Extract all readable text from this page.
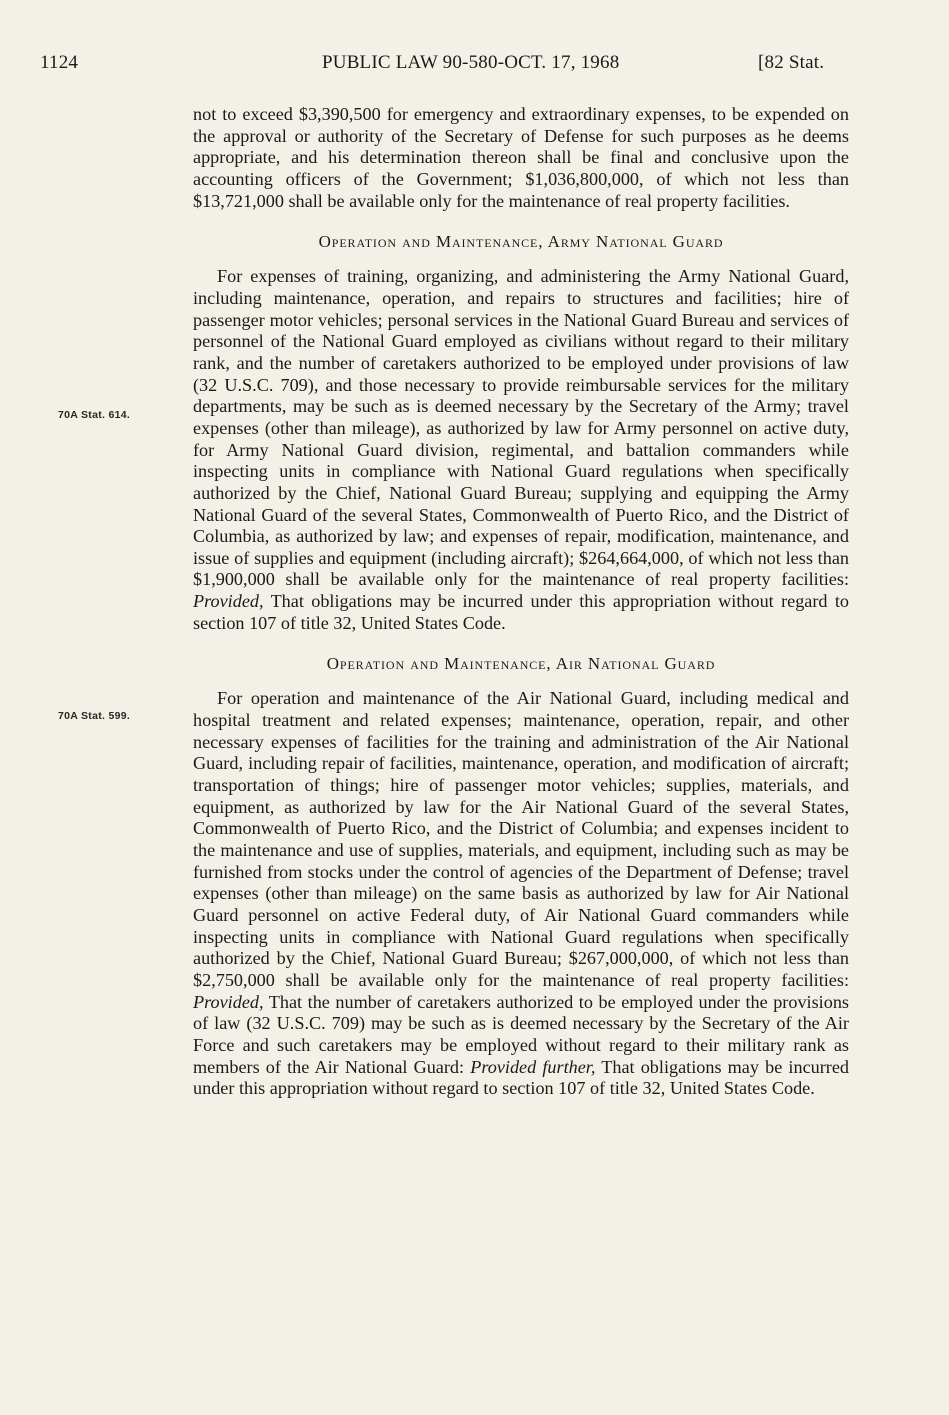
1124	PUBLIC LAW 90-580-OCT. 17, 1968	[82 Stat.
70A Stat. 614.
70A Stat. 599.

not to exceed $3,390,500 for emergency and extraordinary expenses, to be expended on the approval or authority of the Secretary of Defense for such purposes as he deems appropriate, and his determination thereon shall be final and conclusive upon the accounting officers of the Government; $1,036,800,000, of which not less than $13,721,000 shall be available only for the maintenance of real property facilities.

Operation and Maintenance, Army National Guard

For expenses of training, organizing, and administering the Army National Guard, including maintenance, operation, and repairs to structures and facilities; hire of passenger motor vehicles; personal services in the National Guard Bureau and services of personnel of the National Guard employed as civilians without regard to their military rank, and the number of caretakers authorized to be employed under provisions of law (32 U.S.C. 709), and those necessary to provide reimbursable services for the military departments, may be such as is deemed necessary by the Secretary of the Army; travel expenses (other than mileage), as authorized by law for Army personnel on active duty, for Army National Guard division, regimental, and battalion commanders while inspecting units in compliance with National Guard regulations when specifically authorized by the Chief, National Guard Bureau; supplying and equipping the Army National Guard of the several States, Commonwealth of Puerto Rico, and the District of Columbia, as authorized by law; and expenses of repair, modification, maintenance, and issue of supplies and equipment (including aircraft); $264,664,000, of which not less than $1,900,000 shall be available only for the maintenance of real property facilities: Provided, That obligations may be incurred under this appropriation without regard to section 107 of title 32, United States Code.

Operation and Maintenance, Air National Guard

For operation and maintenance of the Air National Guard, including medical and hospital treatment and related expenses; maintenance, operation, repair, and other necessary expenses of facilities for the training and administration of the Air National Guard, including repair of facilities, maintenance, operation, and modification of aircraft; transportation of things; hire of passenger motor vehicles; supplies, materials, and equipment, as authorized by law for the Air National Guard of the several States, Commonwealth of Puerto Rico, and the District of Columbia; and expenses incident to the maintenance and use of supplies, materials, and equipment, including such as may be furnished from stocks under the control of agencies of the Department of Defense; travel expenses (other than mileage) on the same basis as authorized by law for Air National Guard personnel on active Federal duty, of Air National Guard commanders while inspecting units in compliance with National Guard regulations when specifically authorized by the Chief, National Guard Bureau; $267,000,000, of which not less than $2,750,000 shall be available only for the maintenance of real property facilities: Provided, That the number of caretakers authorized to be employed under the provisions of law (32 U.S.C. 709) may be such as is deemed necessary by the Secretary of the Air Force and such caretakers may be employed without regard to their military rank as members of the Air National Guard: Provided further, That obligations may be incurred under this appropriation without regard to section 107 of title 32, United States Code.
